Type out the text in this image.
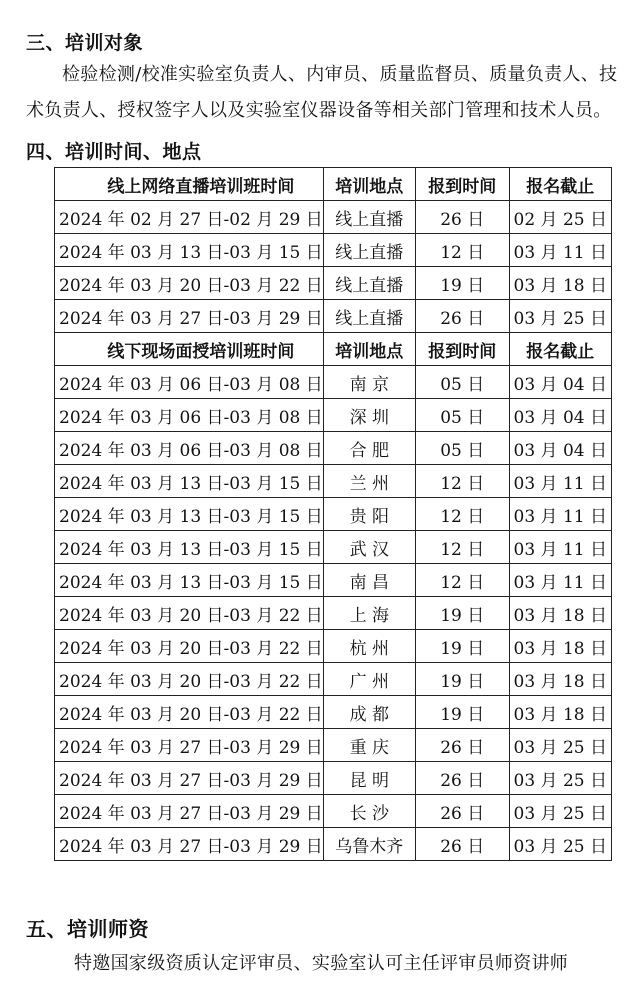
三、培训对象
检验检测/校准实验室负责人、内审员、质量监督员、质量负责人、技
术负责人、授权签字人以及实验室仪器设备等相关部门管理和技术人员。
四、培训时间、地点
线上网络直播培训班时间	培训地点	报到时间	报名截止
2024 年 02 月 27 日-02 月 29 日	线上直播	26 日	02 月 25 日
2024 年 03 月 13 日-03 月 15 日	线上直播	12 日	03 月 11 日
2024 年 03 月 20 日-03 月 22 日	线上直播	19 日	03 月 18 日
2024 年 03 月 27 日-03 月 29 日	线上直播	26 日	03 月 25 日
线下现场面授培训班时间	培训地点	报到时间	报名截止
2024 年 03 月 06 日-03 月 08 日	南 京	05 日	03 月 04 日
2024 年 03 月 06 日-03 月 08 日	深 圳	05 日	03 月 04 日
2024 年 03 月 06 日-03 月 08 日	合 肥	05 日	03 月 04 日
2024 年 03 月 13 日-03 月 15 日	兰 州	12 日	03 月 11 日
2024 年 03 月 13 日-03 月 15 日	贵 阳	12 日	03 月 11 日
2024 年 03 月 13 日-03 月 15 日	武 汉	12 日	03 月 11 日
2024 年 03 月 13 日-03 月 15 日	南 昌	12 日	03 月 11 日
2024 年 03 月 20 日-03 月 22 日	上 海	19 日	03 月 18 日
2024 年 03 月 20 日-03 月 22 日	杭 州	19 日	03 月 18 日
2024 年 03 月 20 日-03 月 22 日	广 州	19 日	03 月 18 日
2024 年 03 月 20 日-03 月 22 日	成 都	19 日	03 月 18 日
2024 年 03 月 27 日-03 月 29 日	重 庆	26 日	03 月 25 日
2024 年 03 月 27 日-03 月 29 日	昆 明	26 日	03 月 25 日
2024 年 03 月 27 日-03 月 29 日	长 沙	26 日	03 月 25 日
2024 年 03 月 27 日-03 月 29 日	乌鲁木齐	26 日	03 月 25 日
五、培训师资
特邀国家级资质认定评审员、实验室认可主任评审员师资讲师
